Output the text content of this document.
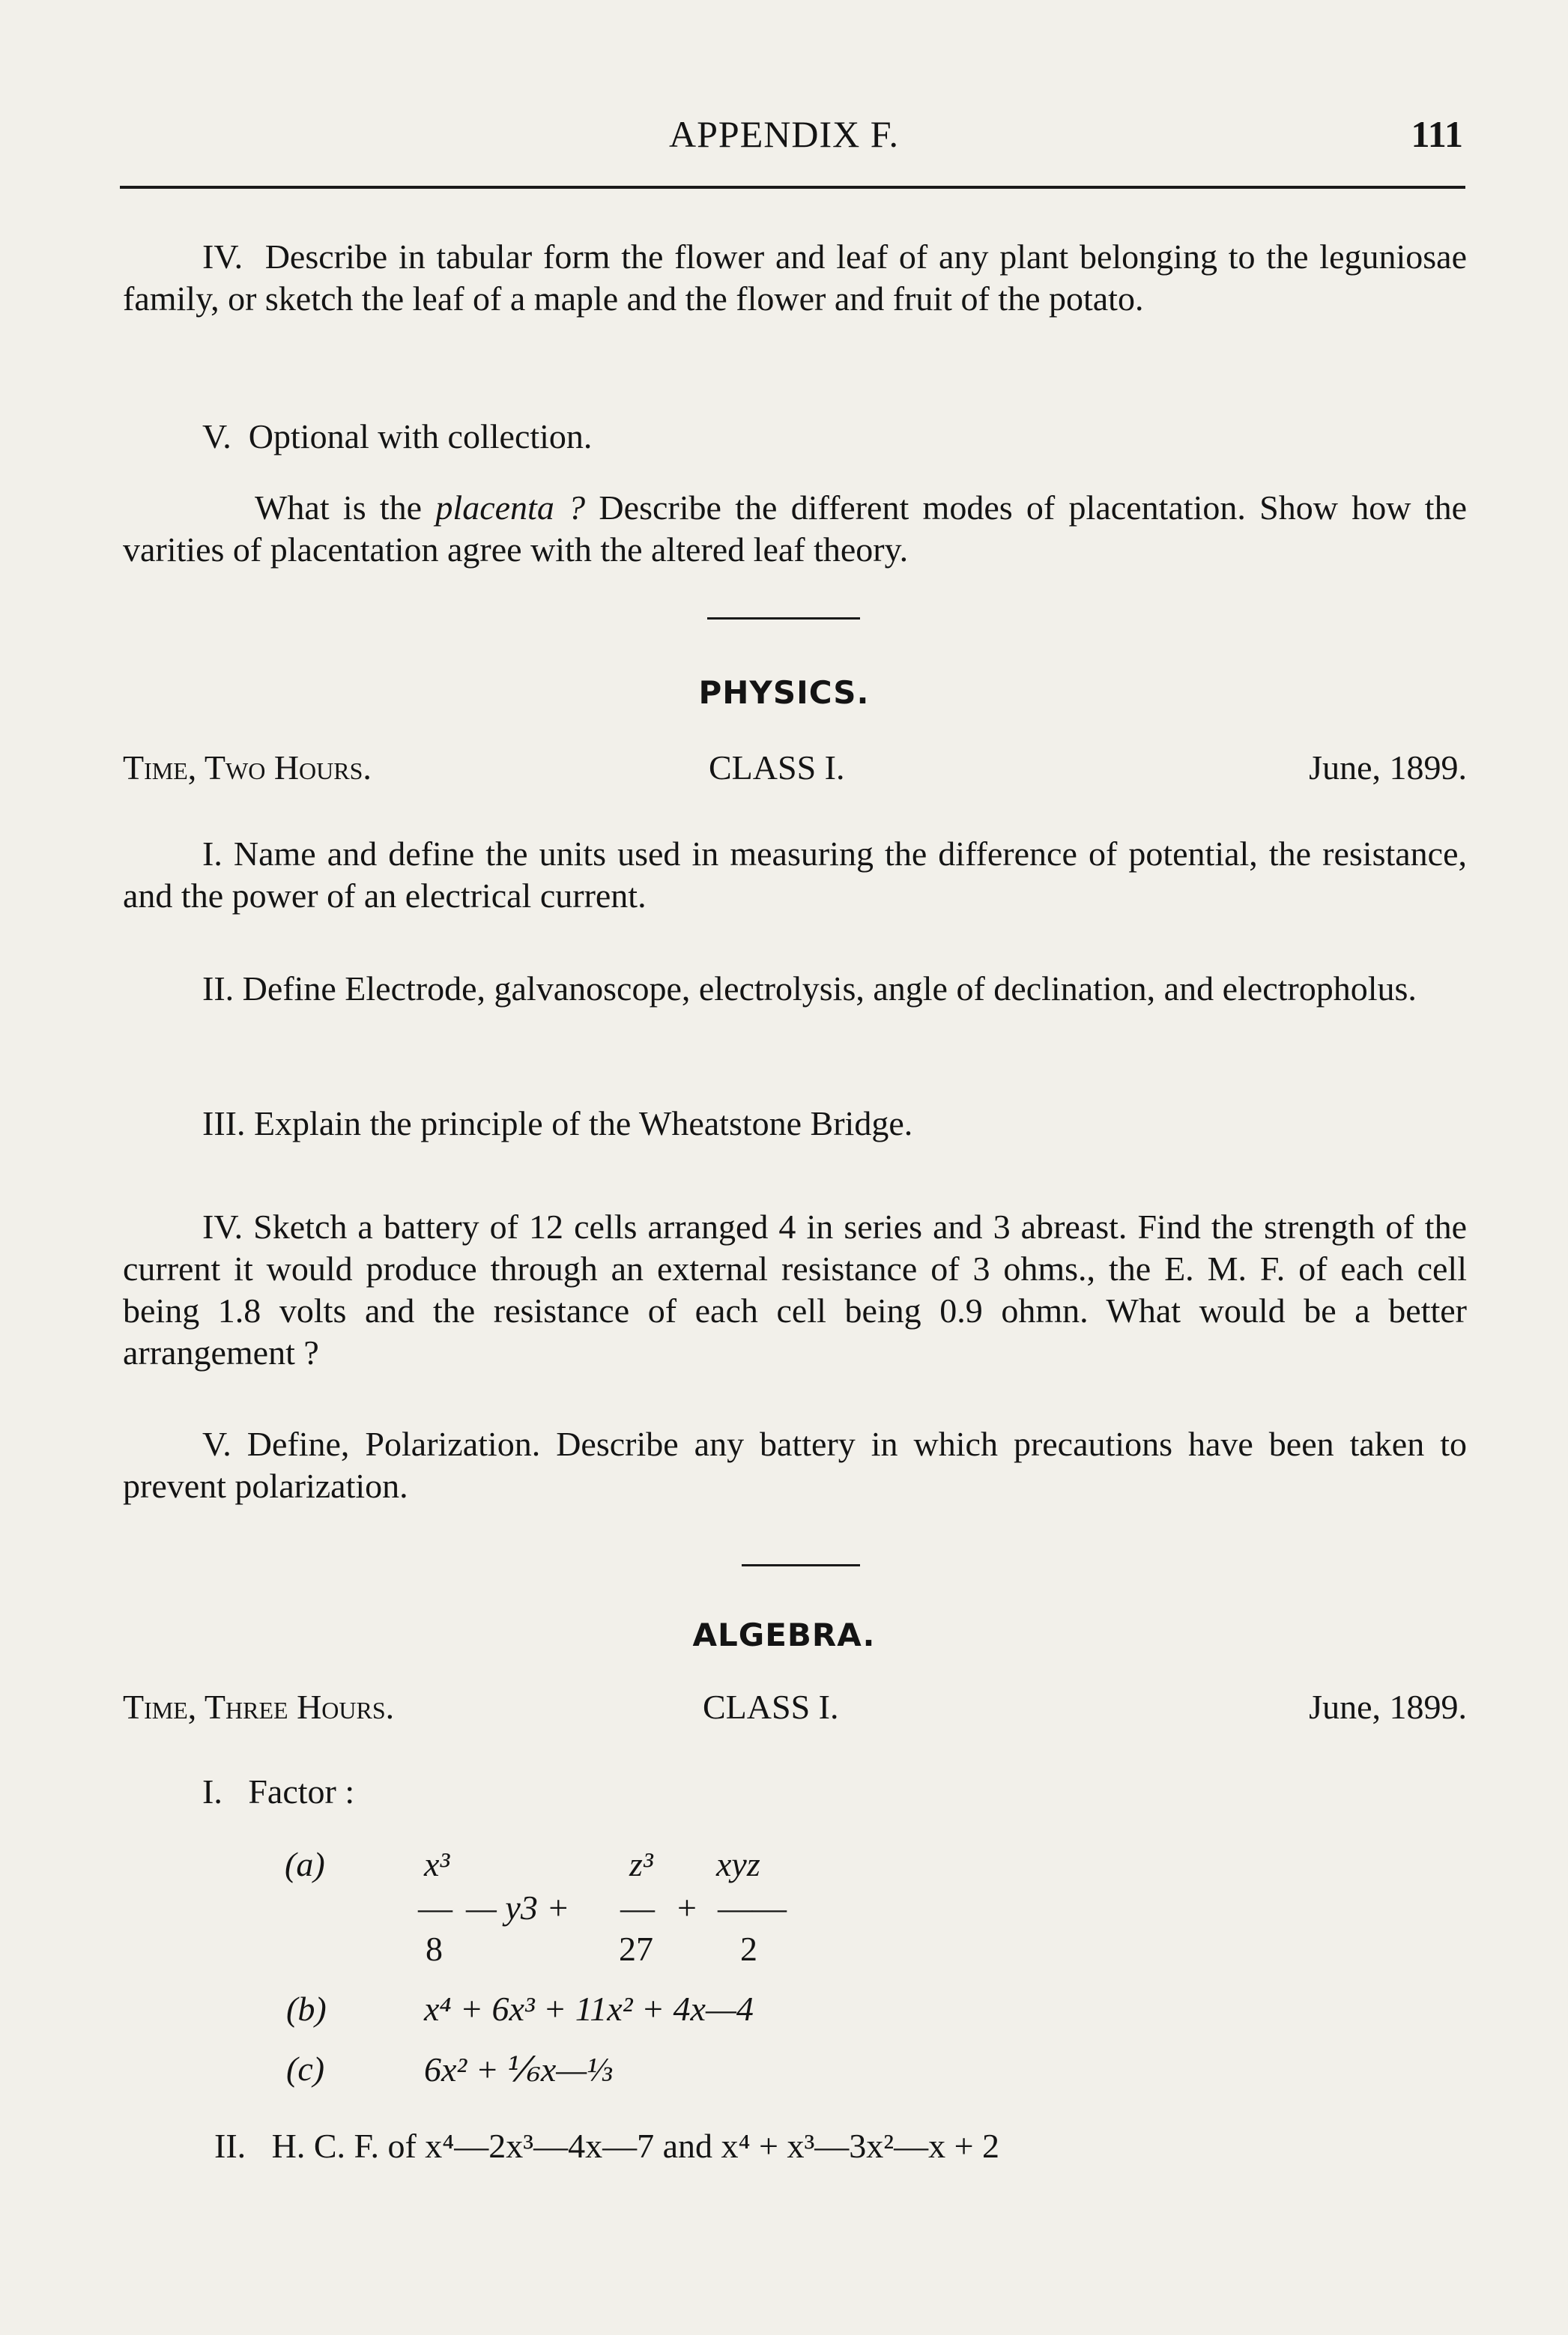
APPENDIX F.	111
IV. Describe in tabular form the flower and leaf of any plant belonging to the leguniosae family, or sketch the leaf of a maple and the flower and fruit of the potato.
V. Optional with collection.
What is the placenta ? Describe the different modes of placentation. Show how the varities of placentation agree with the altered leaf theory.
PHYSICS.
Time, Two Hours.	CLASS I.	June, 1899.
I. Name and define the units used in measuring the difference of potential, the resistance, and the power of an electrical current.
II. Define Electrode, galvanoscope, electrolysis, angle of declination, and electropholus.
III. Explain the principle of the Wheatstone Bridge.
IV. Sketch a battery of 12 cells arranged 4 in series and 3 abreast. Find the strength of the current it would produce through an external resistance of 3 ohms., the E. M. F. of each cell being 1.8 volts and the resistance of each cell being 0.9 ohmn. What would be a better arrangement ?
V. Define, Polarization. Describe any battery in which precautions have been taken to prevent polarization.
ALGEBRA.
Time, Three Hours.	CLASS I.	June, 1899.
I. Factor :
(a)	x³
—
8
— y3 +
z³
—
27
+
xyz
——
2
(b)	x⁴ + 6x³ + 11x² + 4x—4
(c)	6x² + ⅙x—⅓
II. H. C. F. of x⁴—2x³—4x—7 and x⁴ + x³—3x²—x + 2
